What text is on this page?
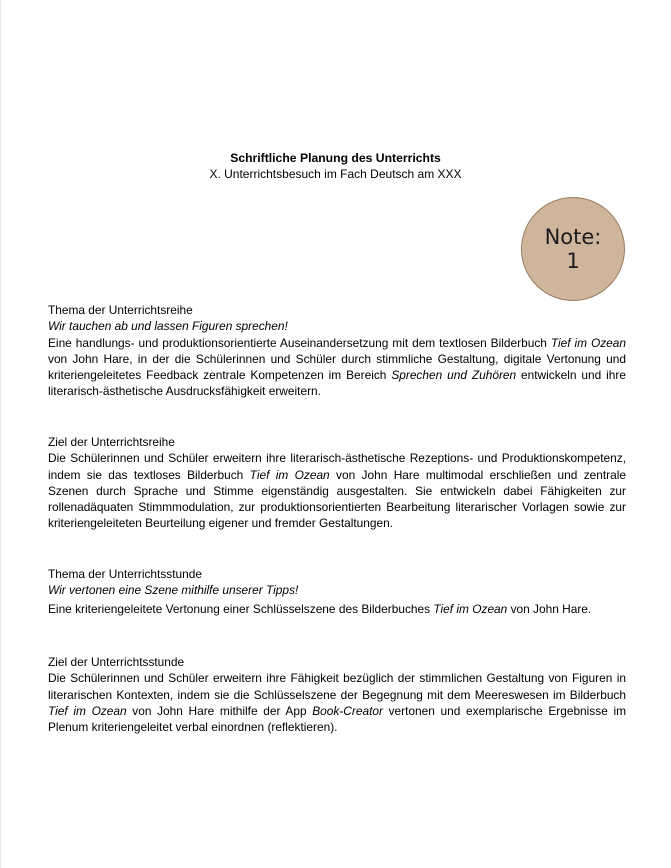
Schriftliche Planung des Unterrichts
X. Unterrichtsbesuch im Fach Deutsch am XXX
Note:
1

Thema der Unterrichtsreihe

Wir tauchen ab und lassen Figuren sprechen!

Eine handlungs- und produktionsorientierte Auseinandersetzung mit dem textlosen Bilderbuch Tief im Ozean von John Hare, in der die Schülerinnen und Schüler durch stimmliche Gestaltung, digitale Vertonung und kriteriengeleitetes Feedback zentrale Kompetenzen im Bereich Sprechen und Zuhören entwickeln und ihre literarisch-ästhetische Ausdrucksfähigkeit erweitern.

Ziel der Unterrichtsreihe

Die Schülerinnen und Schüler erweitern ihre literarisch-ästhetische Rezeptions- und Produktionskompetenz, indem sie das textloses Bilderbuch Tief im Ozean von John Hare multimodal erschließen und zentrale Szenen durch Sprache und Stimme eigenständig ausgestalten. Sie entwickeln dabei Fähigkeiten zur rollenadäquaten Stimmmodulation, zur produktionsorientierten Bearbeitung literarischer Vorlagen sowie zur kriteriengeleiteten Beurteilung eigener und fremder Gestaltungen.

Thema der Unterrichtsstunde

Wir vertonen eine Szene mithilfe unserer Tipps!

Eine kriteriengeleitete Vertonung einer Schlüsselszene des Bilderbuches Tief im Ozean von John Hare.

Ziel der Unterrichtsstunde

Die Schülerinnen und Schüler erweitern ihre Fähigkeit bezüglich der stimmlichen Gestaltung von Figuren in literarischen Kontexten, indem sie die Schlüsselszene der Begegnung mit dem Meereswesen im Bilderbuch Tief im Ozean von John Hare mithilfe der App Book-Creator vertonen und exemplarische Ergebnisse im Plenum kriteriengeleitet verbal einordnen (reflektieren).
